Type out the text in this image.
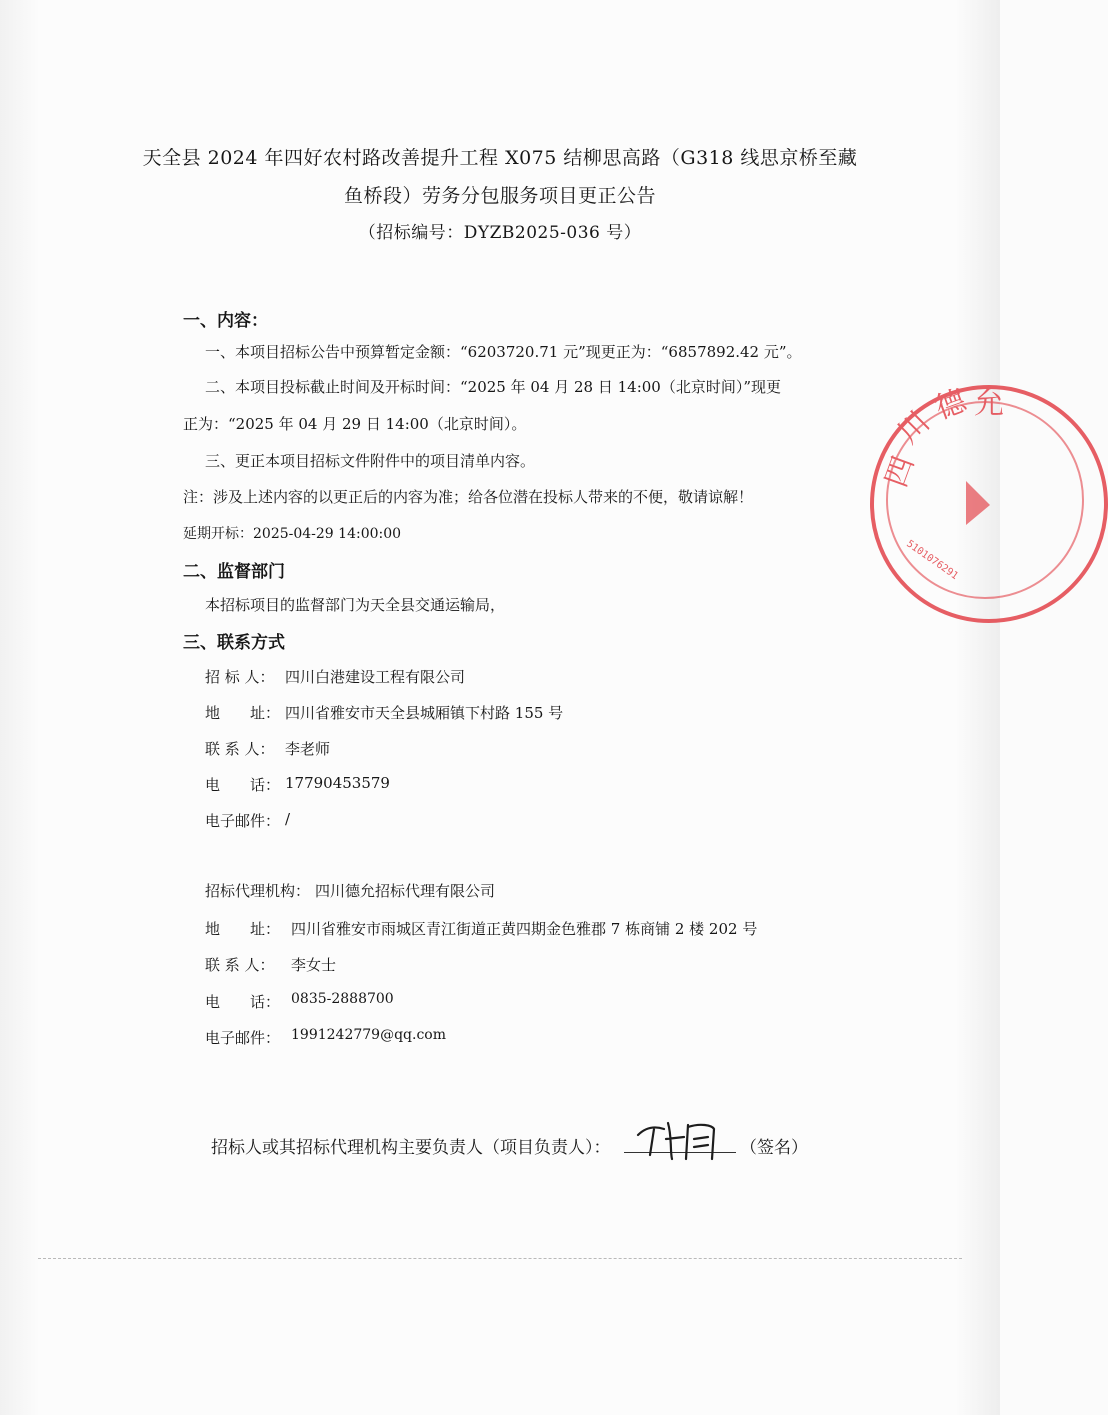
天全县 2024 年四好农村路改善提升工程 X075 结柳思高路（G318 线思京桥至藏
鱼桥段）劳务分包服务项目更正公告
（招标编号：DYZB2025-036 号）
一、内容：
一、本项目招标公告中预算暂定金额：“6203720.71 元”现更正为：“6857892.42 元”。
二、本项目投标截止时间及开标时间：“2025 年 04 月 28 日 14:00（北京时间）”现更
正为：“2025 年 04 月 29 日 14:00（北京时间）。
三、更正本项目招标文件附件中的项目清单内容。
注：涉及上述内容的以更正后的内容为准；给各位潜在投标人带来的不便，敬请谅解！
延期开标：2025-04-29 14:00:00
二、监督部门
本招标项目的监督部门为天全县交通运输局，
三、联系方式
招 标 人： 四川白港建设工程有限公司
地　　址： 四川省雅安市天全县城厢镇下村路 155 号
联 系 人： 李老师
电　　话： 17790453579
电子邮件： /
招标代理机构： 四川德允招标代理有限公司
地　　址： 四川省雅安市雨城区青江街道正黄四期金色雅郡 7 栋商铺 2 楼 202 号
联 系 人： 李女士
电　　话： 0835-2888700
电子邮件： 1991242779@qq.com
招标人或其招标代理机构主要负责人（项目负责人）：	（签名）
四
川
德 允
5101076291
